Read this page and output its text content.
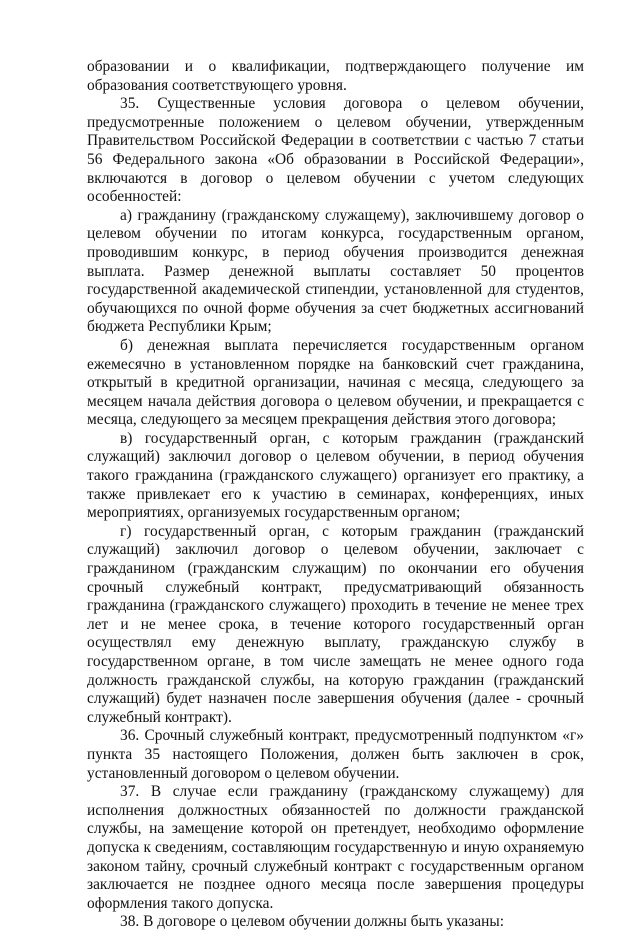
образовании и о квалификации, подтверждающего получение им образования соответствующего уровня.

35. Существенные условия договора о целевом обучении, предусмотренные положением о целевом обучении, утвержденным Правительством Российской Федерации в соответствии с частью 7 статьи 56 Федерального закона «Об образовании в Российской Федерации», включаются в договор о целевом обучении с учетом следующих особенностей:

а) гражданину (гражданскому служащему), заключившему договор о целевом обучении по итогам конкурса, государственным органом, проводившим конкурс, в период обучения производится денежная выплата. Размер денежной выплаты составляет 50 процентов государственной академической стипендии, установленной для студентов, обучающихся по очной форме обучения за счет бюджетных ассигнований бюджета Республики Крым;

б) денежная выплата перечисляется государственным органом ежемесячно в установленном порядке на банковский счет гражданина, открытый в кредитной организации, начиная с месяца, следующего за месяцем начала действия договора о целевом обучении, и прекращается с месяца, следующего за месяцем прекращения действия этого договора;

в) государственный орган, с которым гражданин (гражданский служащий) заключил договор о целевом обучении, в период обучения такого гражданина (гражданского служащего) организует его практику, а также привлекает его к участию в семинарах, конференциях, иных мероприятиях, организуемых государственным органом;

г) государственный орган, с которым гражданин (гражданский служащий) заключил договор о целевом обучении, заключает с гражданином (гражданским служащим) по окончании его обучения срочный служебный контракт, предусматривающий обязанность гражданина (гражданского служащего) проходить в течение не менее трех лет и не менее срока, в течение которого государственный орган осуществлял ему денежную выплату, гражданскую службу в государственном органе, в том числе замещать не менее одного года должность гражданской службы, на которую гражданин (гражданский служащий) будет назначен после завершения обучения (далее - срочный служебный контракт).

36. Срочный служебный контракт, предусмотренный подпунктом «г» пункта 35 настоящего Положения, должен быть заключен в срок, установленный договором о целевом обучении.

37. В случае если гражданину (гражданскому служащему) для исполнения должностных обязанностей по должности гражданской службы, на замещение которой он претендует, необходимо оформление допуска к сведениям, составляющим государственную и иную охраняемую законом тайну, срочный служебный контракт с государственным органом заключается не позднее одного месяца после завершения процедуры оформления такого допуска.

38. В договоре о целевом обучении должны быть указаны:
